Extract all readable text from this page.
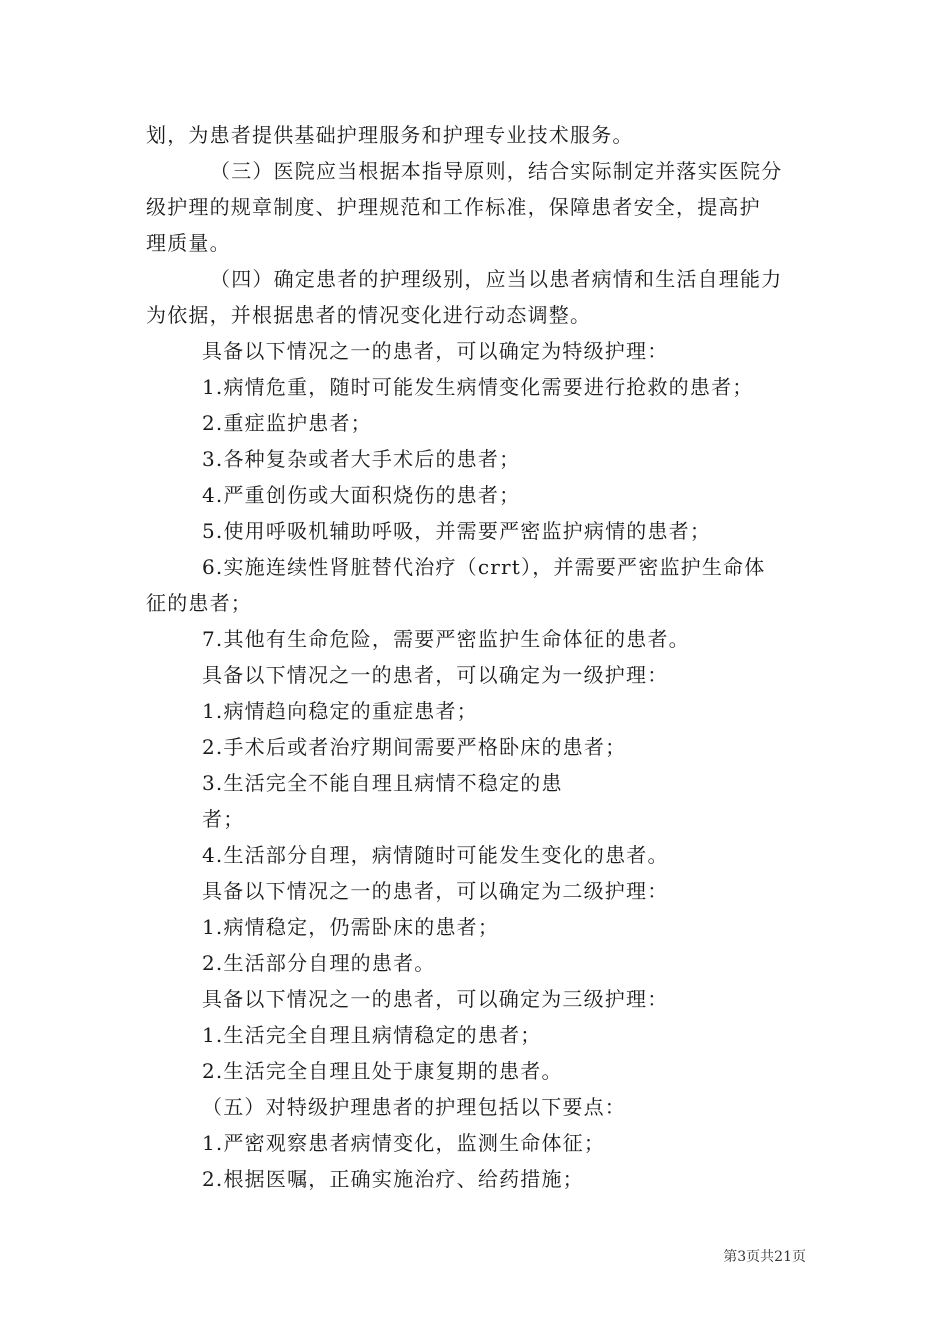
划，为患者提供基础护理服务和护理专业技术服务。
（三）医院应当根据本指导原则，结合实际制定并落实医院分
级护理的规章制度、护理规范和工作标准，保障患者安全，提高护
理质量。
（四）确定患者的护理级别，应当以患者病情和生活自理能力
为依据，并根据患者的情况变化进行动态调整。
具备以下情况之一的患者，可以确定为特级护理：
1.病情危重，随时可能发生病情变化需要进行抢救的患者；
2.重症监护患者；
3.各种复杂或者大手术后的患者；
4.严重创伤或大面积烧伤的患者；
5.使用呼吸机辅助呼吸，并需要严密监护病情的患者；
6.实施连续性肾脏替代治疗（crrt），并需要严密监护生命体
征的患者；
7.其他有生命危险，需要严密监护生命体征的患者。
具备以下情况之一的患者，可以确定为一级护理：
1.病情趋向稳定的重症患者；
2.手术后或者治疗期间需要严格卧床的患者；
3.生活完全不能自理且病情不稳定的患
者；
4.生活部分自理，病情随时可能发生变化的患者。
具备以下情况之一的患者，可以确定为二级护理：
1.病情稳定，仍需卧床的患者；
2.生活部分自理的患者。
具备以下情况之一的患者，可以确定为三级护理：
1.生活完全自理且病情稳定的患者；
2.生活完全自理且处于康复期的患者。
（五）对特级护理患者的护理包括以下要点：
1.严密观察患者病情变化，监测生命体征；
2.根据医嘱，正确实施治疗、给药措施；
第3页共21页
